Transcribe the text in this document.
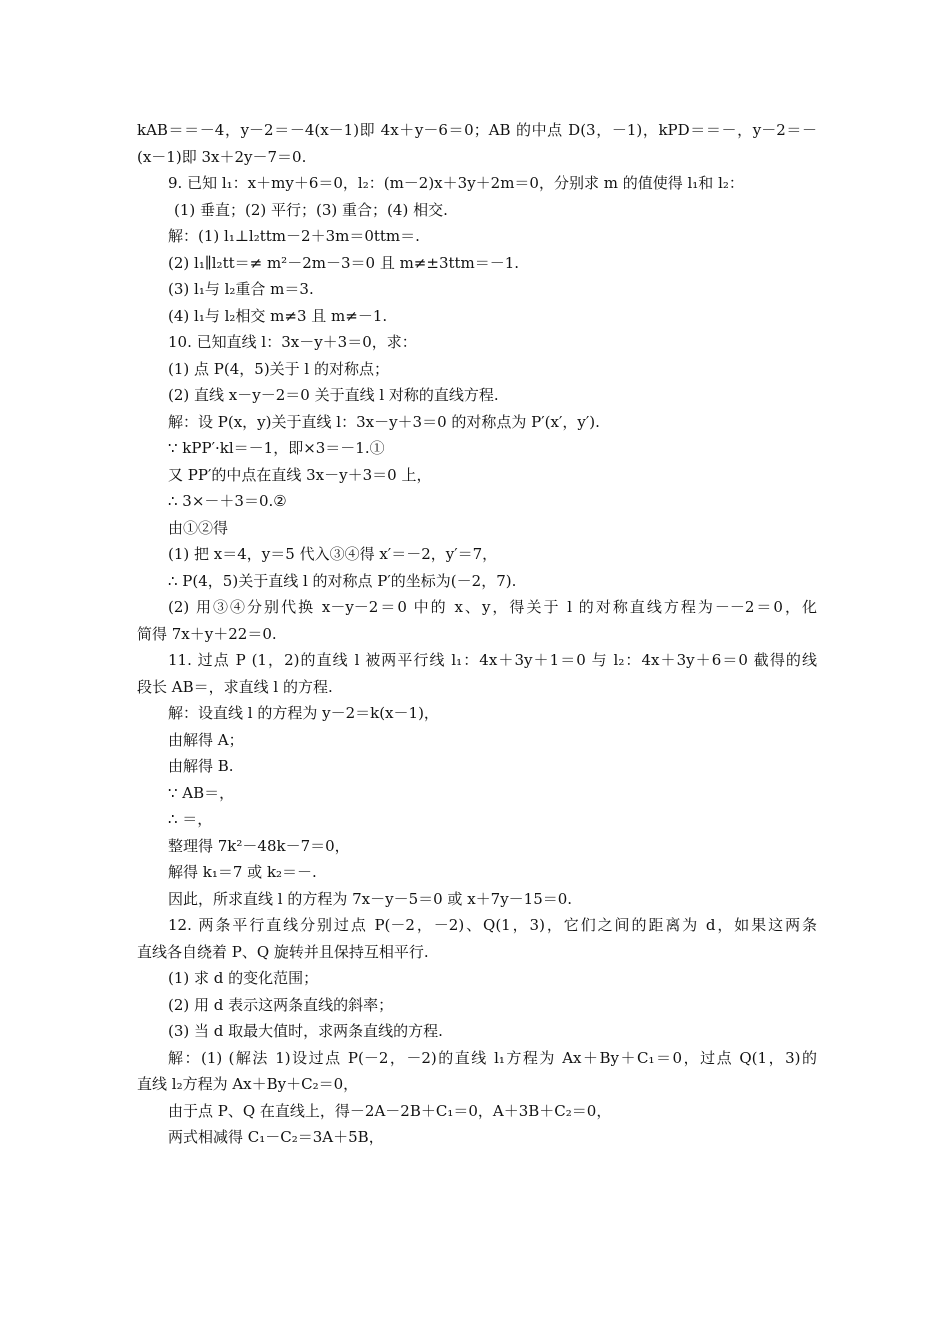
kAB＝＝－4，y－2＝－4(x－1)即 4x＋y－6＝0；AB 的中点 D(3，－1)，kPD＝＝－，y－2＝－
(x－1)即 3x＋2y－7＝0.
9. 已知 l₁：x＋my＋6＝0，l₂：(m－2)x＋3y＋2m＝0，分别求 m 的值使得 l₁和 l₂：
(1) 垂直；(2) 平行；(3) 重合；(4) 相交.
解：(1) l₁⊥l₂ttm－2＋3m＝0ttm＝.
(2) l₁∥l₂tt＝≠ m²－2m－3＝0 且 m≠±3ttm＝－1.
(3) l₁与 l₂重合 m＝3.
(4) l₁与 l₂相交 m≠3 且 m≠－1.
10. 已知直线 l：3x－y＋3＝0，求：
(1) 点 P(4，5)关于 l 的对称点；
(2) 直线 x－y－2＝0 关于直线 l 对称的直线方程.
解：设 P(x，y)关于直线 l：3x－y＋3＝0 的对称点为 P′(x′，y′).
∵ kPP′·kl＝－1，即×3＝－1.①
又 PP′的中点在直线 3x－y＋3＝0 上，
∴ 3×－＋3＝0.②
由①②得
(1) 把 x＝4，y＝5 代入③④得 x′＝－2，y′＝7，
∴ P(4，5)关于直线 l 的对称点 P′的坐标为(－2，7).
(2) 用③④分别代换 x－y－2＝0 中的 x、y，得关于 l 的对称直线方程为－－2＝0，化
简得 7x＋y＋22＝0.
11. 过点 P (1，2)的直线 l 被两平行线 l₁：4x＋3y＋1＝0 与 l₂：4x＋3y＋6＝0 截得的线
段长 AB＝，求直线 l 的方程.
解：设直线 l 的方程为 y－2＝k(x－1)，
由解得 A；
由解得 B.
∵ AB＝，
∴ ＝，
整理得 7k²－48k－7＝0，
解得 k₁＝7 或 k₂＝－.
因此，所求直线 l 的方程为 7x－y－5＝0 或 x＋7y－15＝0.
12. 两条平行直线分别过点 P(－2，－2)、Q(1，3)，它们之间的距离为 d，如果这两条
直线各自绕着 P、Q 旋转并且保持互相平行.
(1) 求 d 的变化范围；
(2) 用 d 表示这两条直线的斜率；
(3) 当 d 取最大值时，求两条直线的方程.
解：(1) (解法 1)设过点 P(－2，－2)的直线 l₁方程为 Ax＋By＋C₁＝0，过点 Q(1，3)的
直线 l₂方程为 Ax＋By＋C₂＝0，
由于点 P、Q 在直线上，得－2A－2B＋C₁＝0，A＋3B＋C₂＝0，
两式相减得 C₁－C₂＝3A＋5B，
